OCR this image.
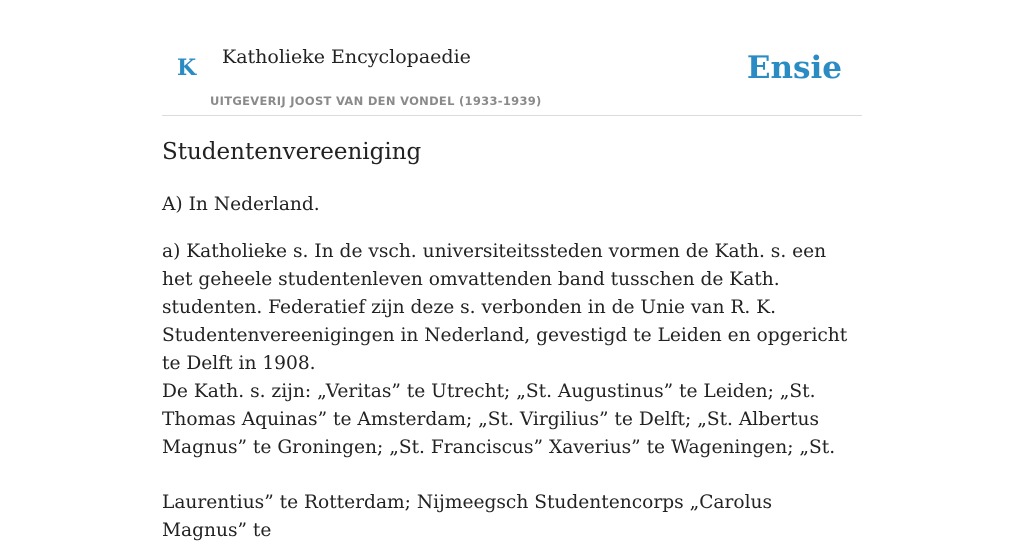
K Katholieke Encyclopaedie
UITGEVERIJ JOOST VAN DEN VONDEL (1933-1939)
Ensie
Studentenvereeniging

A) In Nederland.

a) Katholieke s. In de vsch. universiteitssteden vormen de Kath. s. een het geheele studentenleven omvattenden band tusschen de Kath. studenten. Federatief zijn deze s. verbonden in de Unie van R. K. Studentenvereenigingen in Nederland, gevestigd te Leiden en opgericht te Delft in 1908.

De Kath. s. zijn: „Veritas” te Utrecht; „St. Augustinus” te Leiden; „St. Thomas Aquinas” te Amsterdam; „St. Virgilius” te Delft; „St. Albertus Magnus” te Groningen; „St. Franciscus” Xaverius” te Wageningen; „St.

Laurentius” te Rotterdam; Nijmeegsch Studentencorps „Carolus Magnus” te
